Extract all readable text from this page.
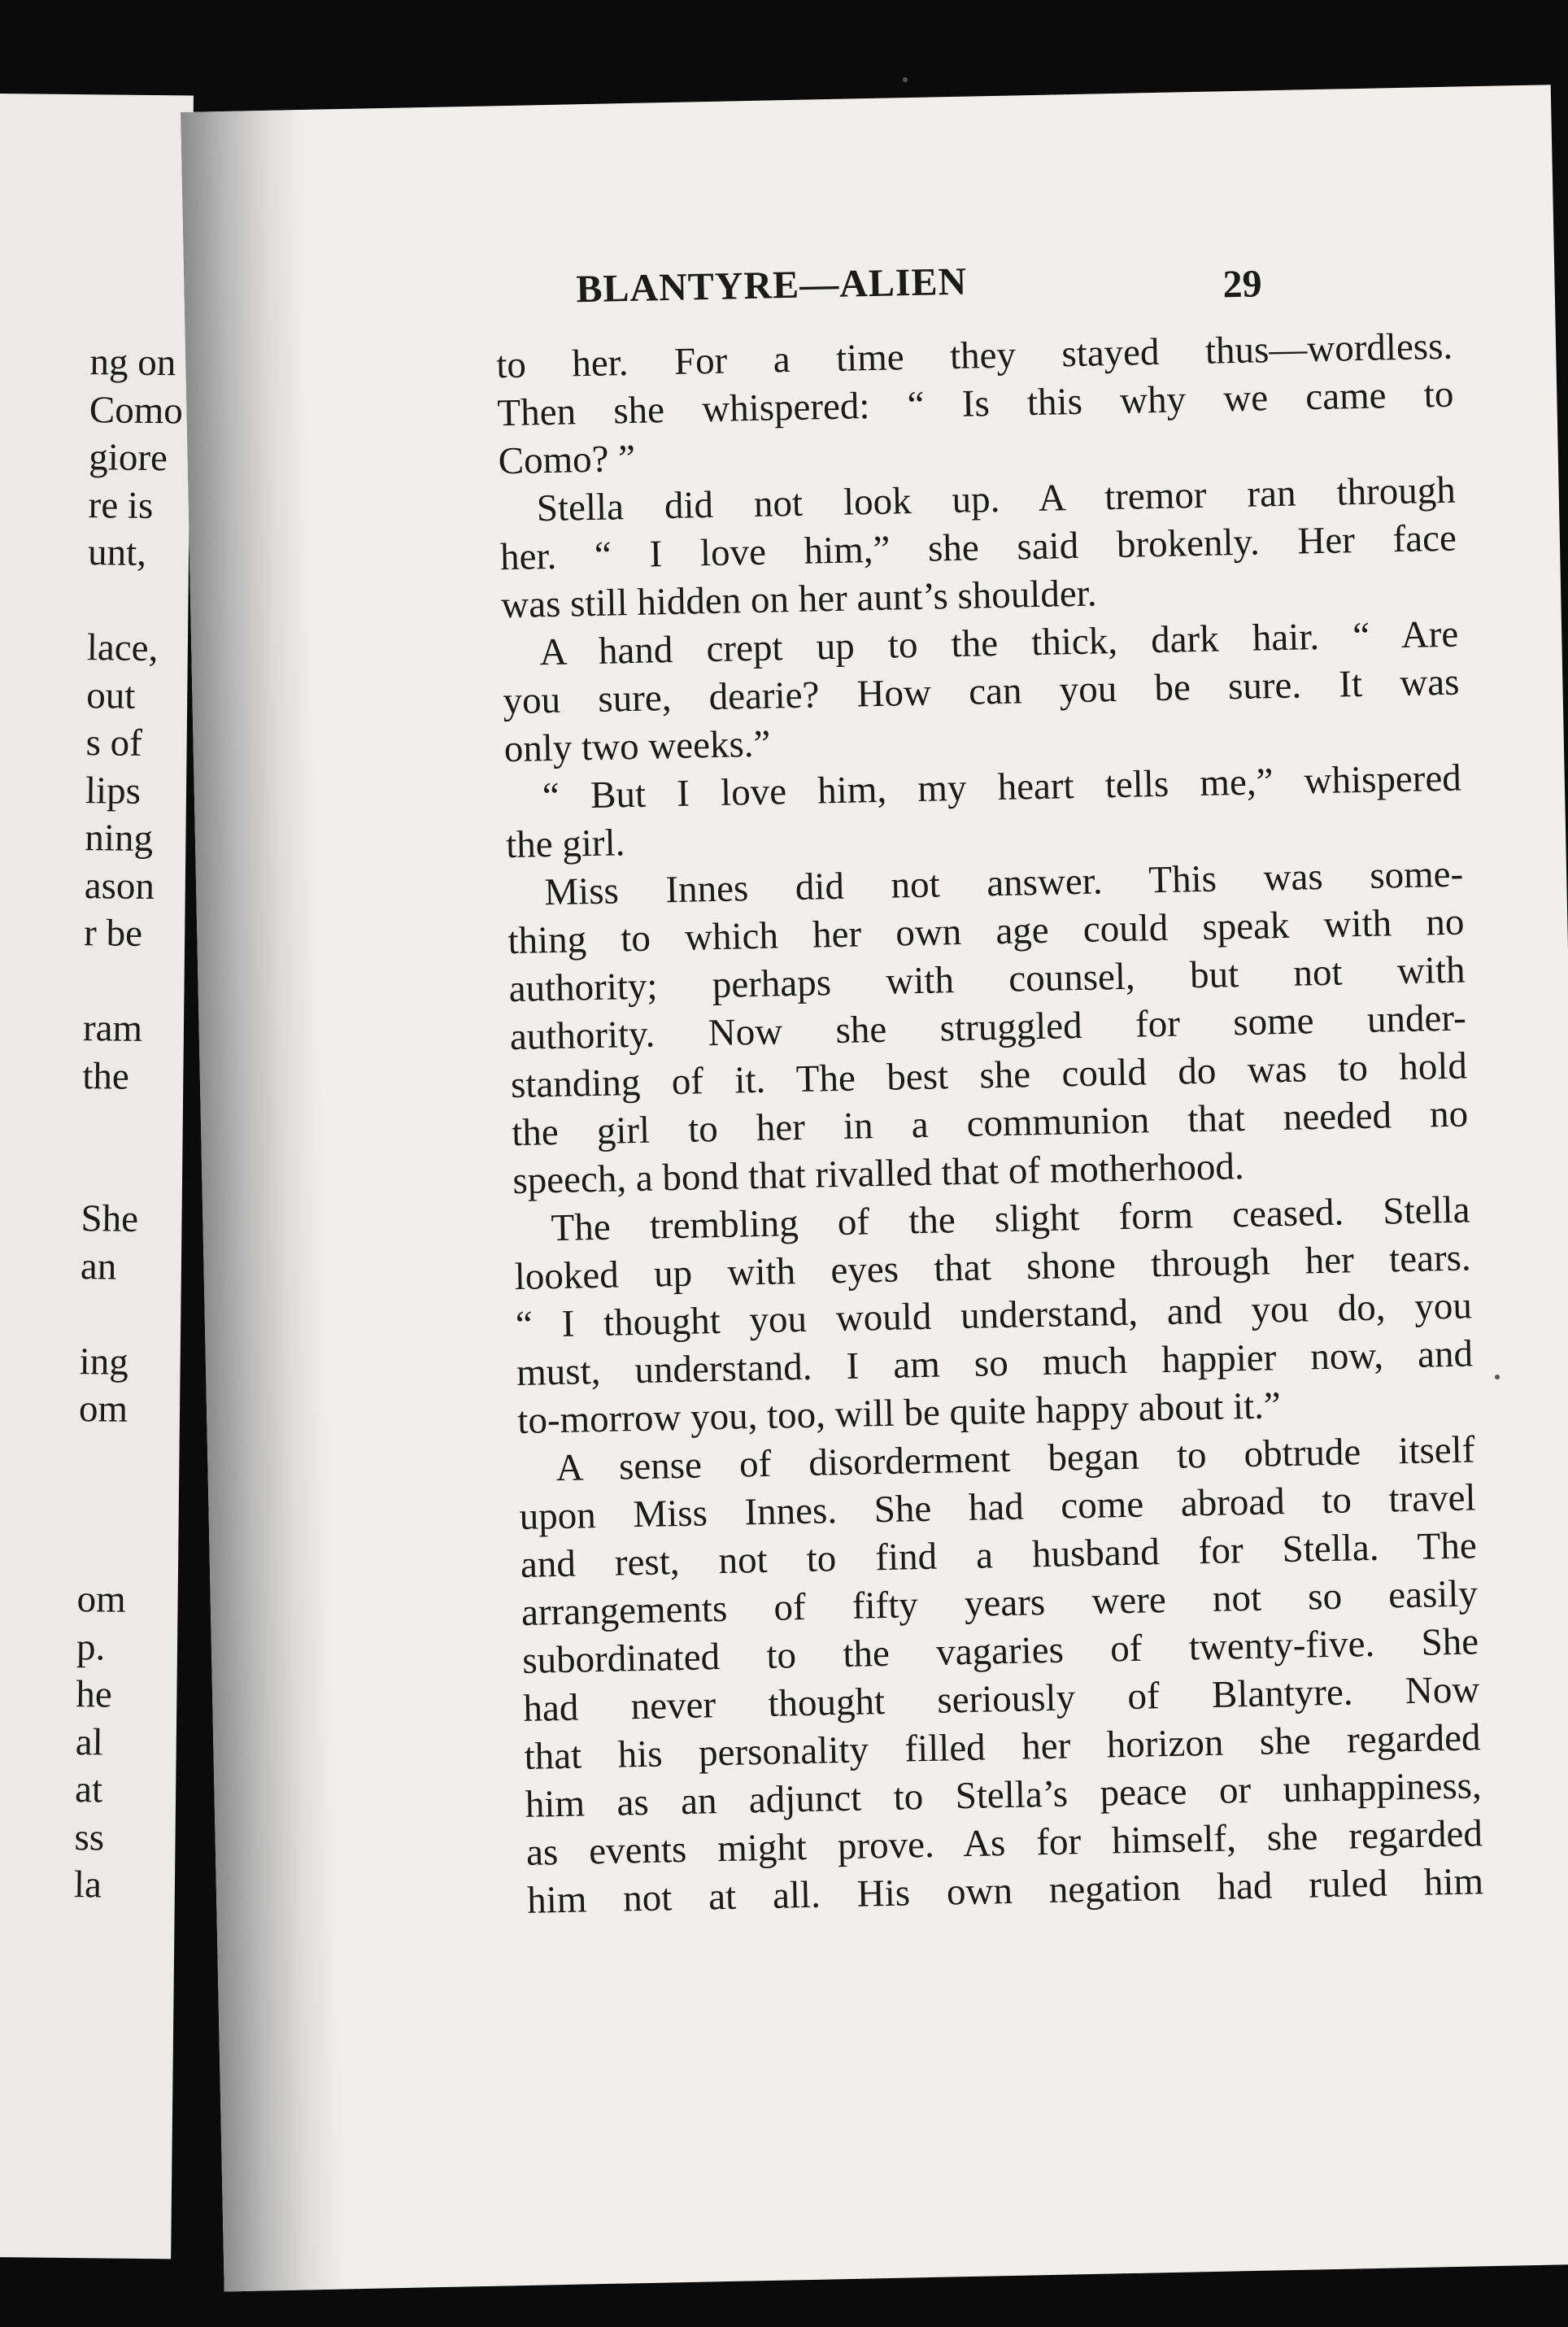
ng on
Como
giore
re is
unt,
lace,
out
s of
lips
ning
ason
r be
ram
the
She
an
ing
om
om
p.
he
al
at
ss
la
BLANTYRE—ALIEN	29
to her. For a time they stayed thus—wordless.
Then she whispered: “ Is this why we came to
Como? ”
Stella did not look up. A tremor ran through
her. “ I love him,” she said brokenly. Her face
was still hidden on her aunt’s shoulder.
A hand crept up to the thick, dark hair. “ Are
you sure, dearie? How can you be sure. It was
only two weeks.”
“ But I love him, my heart tells me,” whispered
the girl.
Miss Innes did not answer. This was some-
thing to which her own age could speak with no
authority; perhaps with counsel, but not with
authority. Now she struggled for some under-
standing of it. The best she could do was to hold
the girl to her in a communion that needed no
speech, a bond that rivalled that of motherhood.
The trembling of the slight form ceased. Stella
looked up with eyes that shone through her tears.
“ I thought you would understand, and you do, you
must, understand. I am so much happier now, and
to-morrow you, too, will be quite happy about it.”
A sense of disorderment began to obtrude itself
upon Miss Innes. She had come abroad to travel
and rest, not to find a husband for Stella. The
arrangements of fifty years were not so easily
subordinated to the vagaries of twenty-five. She
had never thought seriously of Blantyre. Now
that his personality filled her horizon she regarded
him as an adjunct to Stella’s peace or unhappiness,
as events might prove. As for himself, she regarded
him not at all. His own negation had ruled him
